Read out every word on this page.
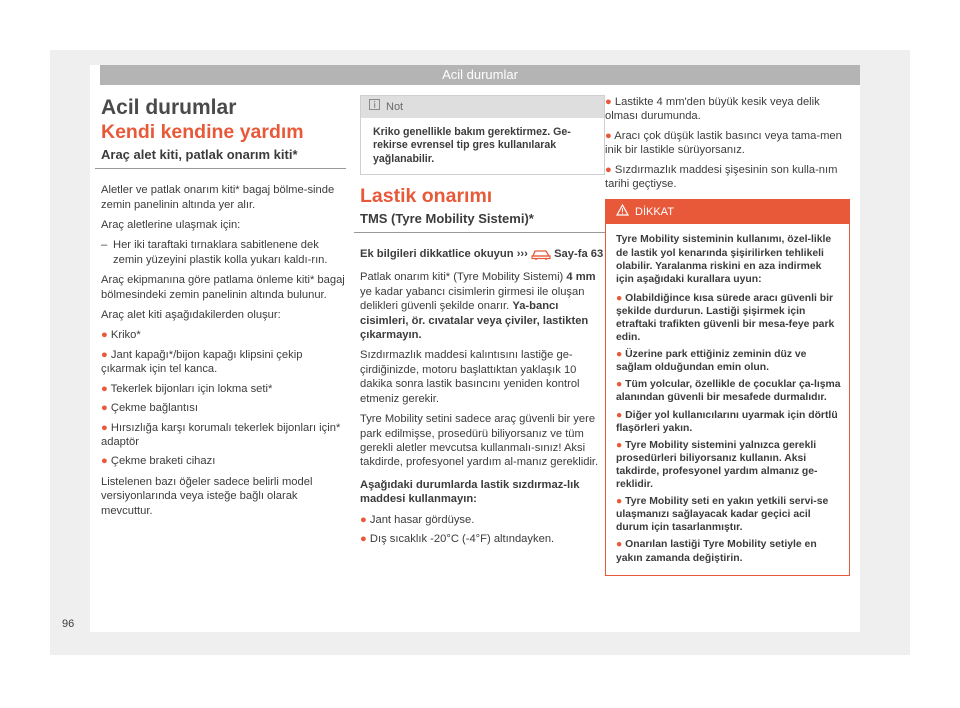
Acil durumlar
Acil durumlar
Kendi kendine yardım
Araç alet kiti, patlak onarım kiti*

Aletler ve patlak onarım kiti* bagaj bölme-sinde zemin panelinin altında yer alır.

Araç aletlerine ulaşmak için:

– Her iki taraftaki tırnaklara sabitlenene dek zemin yüzeyini plastik kolla yukarı kaldı-rın.

Araç ekipmanına göre patlama önleme kiti* bagaj bölmesindeki zemin panelinin altında bulunur.

Araç alet kiti aşağıdakilerden oluşur:

● Kriko*
● Jant kapağı*/bijon kapağı klipsini çekip çıkarmak için tel kanca.
● Tekerlek bijonları için lokma seti*
● Çekme bağlantısı
● Hırsızlığa karşı korumalı tekerlek bijonları için* adaptör
● Çekme braketi cihazı

Listelenen bazı öğeler sadece belirli model versiyonlarında veya isteğe bağlı olarak mevcuttur.

Not
Kriko genellikle bakım gerektirmez. Ge-rekirse evrensel tip gres kullanılarak yağlanabilir.
Lastik onarımı
TMS (Tyre Mobility Sistemi)*

Ek bilgileri dikkatlice okuyun ››› Say-fa 63

Patlak onarım kiti* (Tyre Mobility Sistemi) 4 mm ye kadar yabancı cisimlerin girmesi ile oluşan delikleri güvenli şekilde onarır. Ya-bancı cisimleri, ör. cıvatalar veya çiviler, lastikten çıkarmayın.

Sızdırmazlık maddesi kalıntısını lastiğe ge-çirdiğinizde, motoru başlattıktan yaklaşık 10 dakika sonra lastik basıncını yeniden kontrol etmeniz gerekir.

Tyre Mobility setini sadece araç güvenli bir yere park edilmişse, prosedürü biliyorsanız ve tüm gerekli aletler mevcutsa kullanmalı-sınız! Aksi takdirde, profesyonel yardım al-manız gereklidir.

Aşağıdaki durumlarda lastik sızdırmaz-lık maddesi kullanmayın:

● Jant hasar gördüyse.
● Dış sıcaklık -20°C (-4°F) altındayken.
● Lastikte 4 mm'den büyük kesik veya delik olması durumunda.
● Aracı çok düşük lastik basıncı veya tama-men inik bir lastikle sürüyorsanız.
● Sızdırmazlık maddesi şişesinin son kulla-nım tarihi geçtiyse.
DİKKAT

Tyre Mobility sisteminin kullanımı, özel-likle de lastik yol kenarında şişirilirken tehlikeli olabilir. Yaralanma riskini en aza indirmek için aşağıdaki kurallara uyun:

● Olabildiğince kısa sürede aracı güvenli bir şekilde durdurun. Lastiği şişirmek için etraftaki trafikten güvenli bir mesa-feye park edin.
● Üzerine park ettiğiniz zeminin düz ve sağlam olduğundan emin olun.
● Tüm yolcular, özellikle de çocuklar ça-lışma alanından güvenli bir mesafede durmalıdır.
● Diğer yol kullanıcılarını uyarmak için dörtlü flaşörleri yakın.
● Tyre Mobility sistemini yalnızca gerekli prosedürleri biliyorsanız kullanın. Aksi takdirde, profesyonel yardım almanız ge-reklidir.
● Tyre Mobility seti en yakın yetkili servi-se ulaşmanızı sağlayacak kadar geçici acil durum için tasarlanmıştır.
● Onarılan lastiği Tyre Mobility setiyle en yakın zamanda değiştirin.
96
